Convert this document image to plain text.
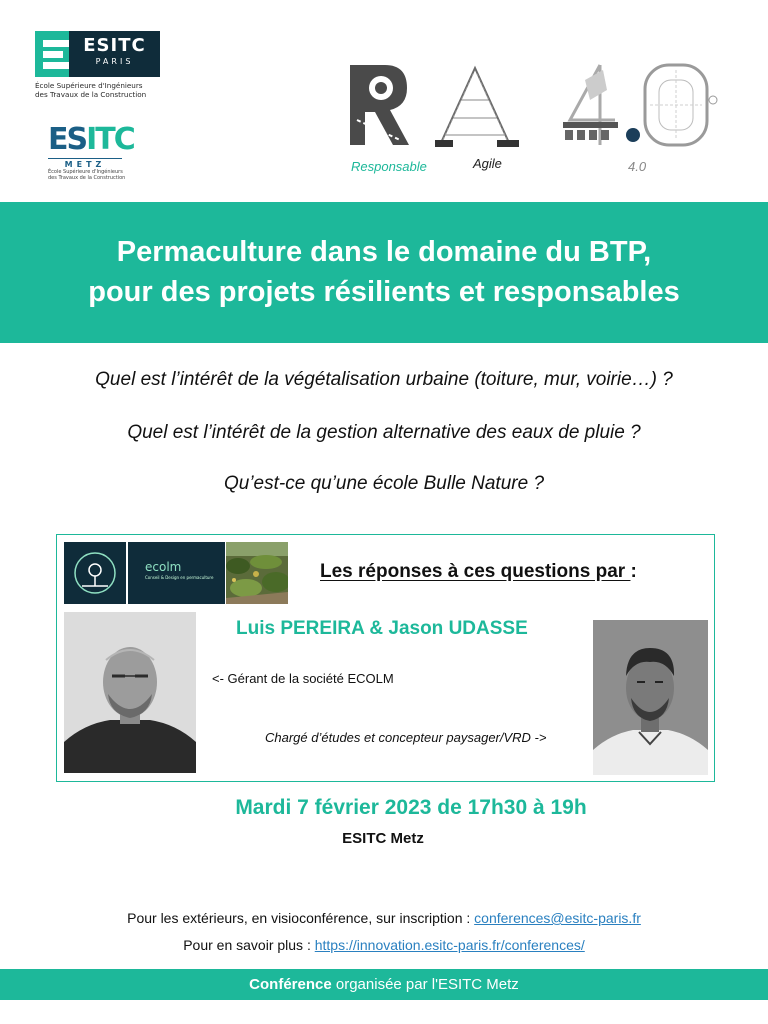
ESITC
PARIS
École Supérieure d'Ingénieurs
des Travaux de la Construction
ESITC
METZ
École Supérieure d'Ingénieurs
des Travaux de la Construction
Responsable	Agile	4.0
Permaculture dans le domaine du BTP,
pour des projets résilients et responsables
Quel est l’intérêt de la végétalisation urbaine (toiture, mur, voirie…) ?
Quel est l’intérêt de la gestion alternative des eaux de pluie ?
Qu’est-ce qu’une école Bulle Nature ?
ecolm
Conseil & Design en permaculture	Les réponses à ces questions par :
Luis PEREIRA & Jason UDASSE
<- Gérant de la société ECOLM
Chargé d’études et concepteur paysager/VRD ->
Mardi 7 février 2023 de 17h30 à 19h
ESITC Metz
Pour les extérieurs, en visioconférence, sur inscription : conferences@esitc-paris.fr
Pour en savoir plus : https://innovation.esitc-paris.fr/conferences/
Conférence organisée par l'ESITC Metz
